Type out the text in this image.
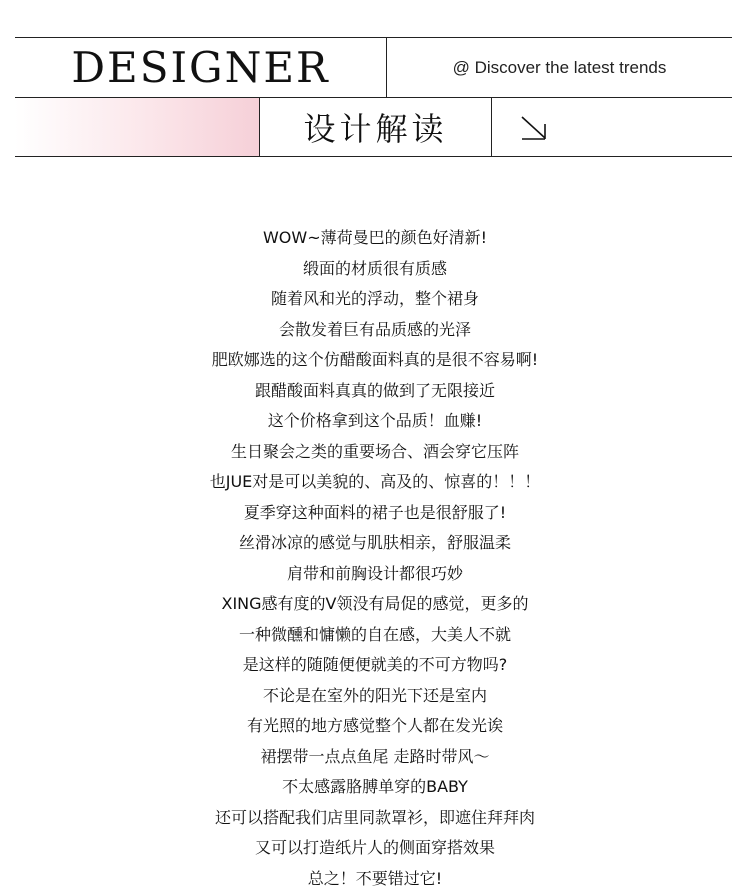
DESIGNER	@ Discover the latest trends
设计解读
WOW~薄荷曼巴的颜色好清新!
缎面的材质很有质感
随着风和光的浮动，整个裙身
会散发着巨有品质感的光泽
肥欧娜选的这个仿醋酸面料真的是很不容易啊!
跟醋酸面料真真的做到了无限接近
这个价格拿到这个品质！血赚!
生日聚会之类的重要场合、酒会穿它压阵
也JUE对是可以美貌的、高及的、惊喜的！！！
夏季穿这种面料的裙子也是很舒服了!
丝滑冰凉的感觉与肌肤相亲，舒服温柔
肩带和前胸设计都很巧妙
XING感有度的V领没有局促的感觉，更多的
一种微醺和慵懒的自在感，大美人不就
是这样的随随便便就美的不可方物吗?
不论是在室外的阳光下还是室内
有光照的地方感觉整个人都在发光诶
裙摆带一点点鱼尾 走路时带风～
不太感露胳膊单穿的BABY
还可以搭配我们店里同款罩衫，即遮住拜拜肉
又可以打造纸片人的侧面穿搭效果
总之！不要错过它!
